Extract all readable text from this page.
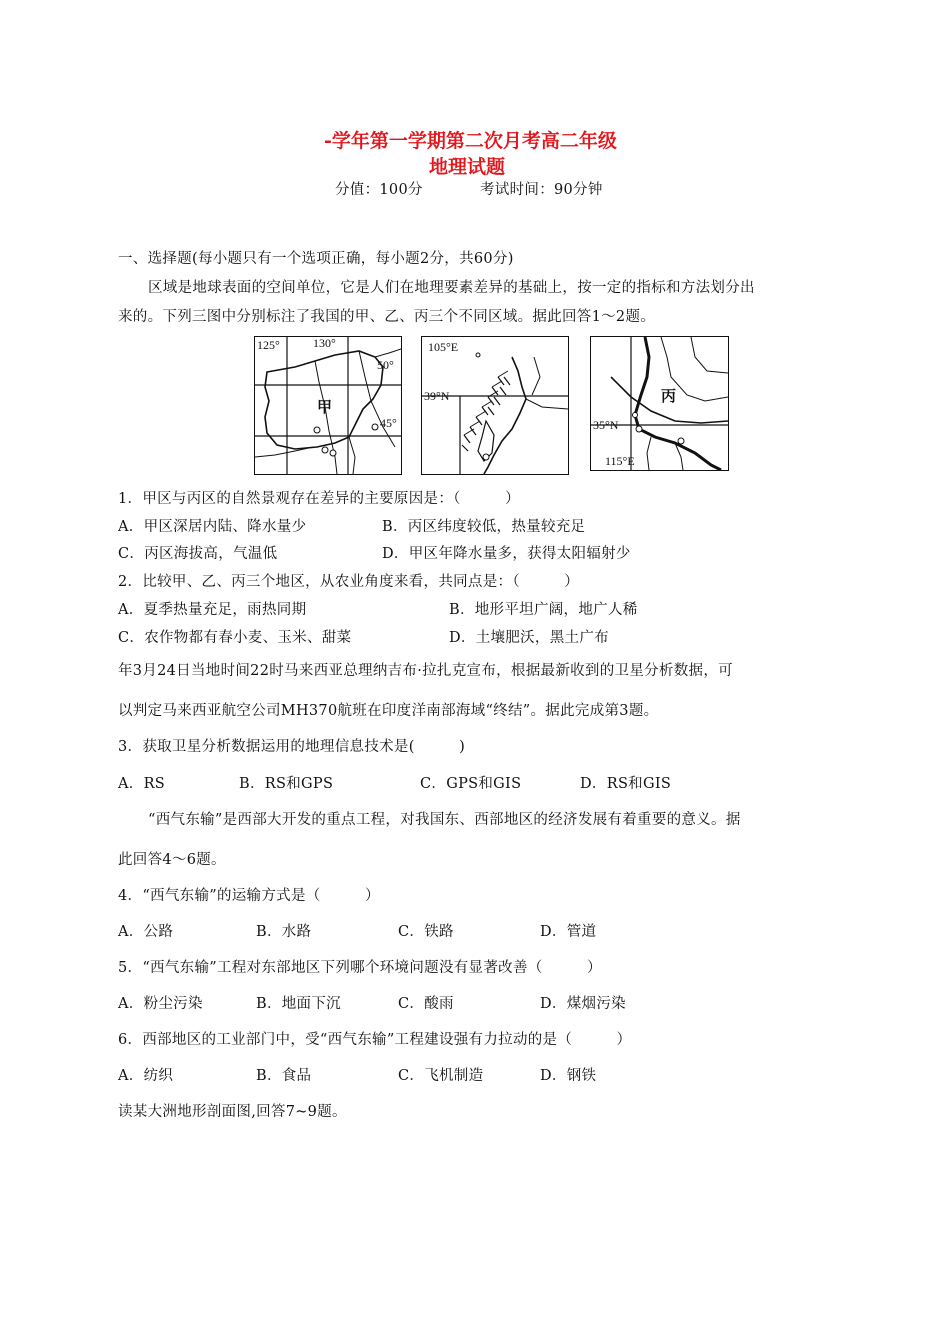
-学年第一学期第二次月考高二年级
地理试题
分值：100分	考试时间：90分钟
一、选择题(每小题只有一个选项正确，每小题2分，共60分)
区域是地球表面的空间单位，它是人们在地理要素差异的基础上，按一定的指标和方法划分出
来的。下列三图中分别标注了我国的甲、乙、丙三个不同区域。据此回答1～2题。
125°	130°
50°
45°
甲
105°E
39°N	丙
35°N
115°E
1．甲区与丙区的自然景观存在差异的主要原因是：（　　　）
A．甲区深居内陆、降水量少	B．丙区纬度较低，热量较充足
C．丙区海拔高，气温低	D．甲区年降水量多，获得太阳辐射少
2．比较甲、乙、丙三个地区，从农业角度来看，共同点是：（　　　）
A．夏季热量充足，雨热同期	B．地形平坦广阔，地广人稀
C．农作物都有春小麦、玉米、甜菜	D．土壤肥沃，黑土广布
年3月24日当地时间22时马来西亚总理纳吉布·拉扎克宣布，根据最新收到的卫星分析数据，可
以判定马来西亚航空公司MH370航班在印度洋南部海域“终结”。据此完成第3题。
3．获取卫星分析数据运用的地理信息技术是(　　　)
A．RS	B．RS和GPS	C．GPS和GIS	D．RS和GIS
“西气东输”是西部大开发的重点工程，对我国东、西部地区的经济发展有着重要的意义。据
此回答4～6题。
4．“西气东输”的运输方式是（　　　）
A．公路	B．水路	C．铁路	D．管道
5．“西气东输”工程对东部地区下列哪个环境问题没有显著改善（　　　）
A．粉尘污染	B．地面下沉	C．酸雨	D．煤烟污染
6．西部地区的工业部门中，受“西气东输”工程建设强有力拉动的是（　　　）
A．纺织	B．食品	C．飞机制造	D．钢铁
读某大洲地形剖面图,回答7~9题。
